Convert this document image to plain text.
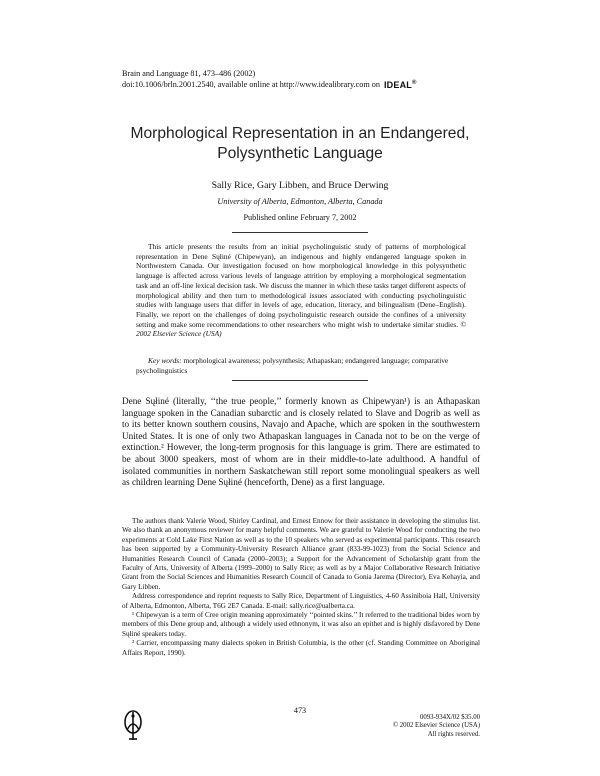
Brain and Language 81, 473–486 (2002)
doi:10.1006/brln.2001.2540, available online at http://www.idealibrary.com on IDEAL®
Morphological Representation in an Endangered,
Polysynthetic Language
Sally Rice, Gary Libben, and Bruce Derwing
University of Alberta, Edmonton, Alberta, Canada
Published online February 7, 2002
This article presents the results from an initial psycholinguistic study of patterns of morphological representation in Dene Sųłiné (Chipewyan), an indigenous and highly endangered language spoken in Northwestern Canada. Our investigation focused on how morphological knowledge in this polysynthetic language is affected across various levels of language attrition by employing a morphological segmentation task and an off-line lexical decision task. We discuss the manner in which these tasks target different aspects of morphological ability and then turn to methodological issues associated with conducting psycholinguistic studies with language users that differ in levels of age, education, literacy, and bilingualism (Dene–English). Finally, we report on the challenges of doing psycholinguistic research outside the confines of a university setting and make some recommendations to other researchers who might wish to undertake similar studies. © 2002 Elsevier Science (USA)
Key words: morphological awareness; polysynthesis; Athapaskan; endangered language; comparative psycholinguistics
Dene Sųłiné (literally, ‘‘the true people,’’ formerly known as Chipewyan¹) is an Athapaskan language spoken in the Canadian subarctic and is closely related to Slave and Dogrib as well as to its better known southern cousins, Navajo and Apache, which are spoken in the southwestern United States. It is one of only two Athapaskan languages in Canada not to be on the verge of extinction.² However, the long-term prognosis for this language is grim. There are estimated to be about 3000 speakers, most of whom are in their middle-to-late adulthood. A handful of isolated communities in northern Saskatchewan still report some monolingual speakers as well as children learning Dene Sųłiné (henceforth, Dene) as a first language.

The authors thank Valerie Wood, Shirley Cardinal, and Ernest Ennow for their assistance in developing the stimulus list. We also thank an anonymous reviewer for many helpful comments. We are grateful to Valerie Wood for conducting the two experiments at Cold Lake First Nation as well as to the 10 speakers who served as experimental participants. This research has been supported by a Community-University Research Alliance grant (833-99-1023) from the Social Science and Humanities Research Council of Canada (2000–2003); a Support for the Advancement of Scholarship grant from the Faculty of Arts, University of Alberta (1999–2000) to Sally Rice; as well as by a Major Collaborative Research Initiative Grant from the Social Sciences and Humanities Research Council of Canada to Gonia Jarema (Director), Eva Kehayia, and Gary Libben.

Address correspondence and reprint requests to Sally Rice, Department of Linguistics, 4-60 Assiniboia Hall, University of Alberta, Edmonton, Alberta, T6G 2E7 Canada. E-mail: sally.rice@ualberta.ca.

¹ Chipewyan is a term of Cree origin meaning approximately ‘‘pointed skins.’’ It referred to the traditional bides worn by members of this Dene group and, although a widely used ethnonym, it was also an epithet and is highly disfavored by Dene Sųłiné speakers today.

² Carrier, encompassing many dialects spoken in British Columbia, is the other (cf. Standing Committee on Aboriginal Affairs Report, 1990).

473
0093-934X/02 $35.00
© 2002 Elsevier Science (USA)
All rights reserved.
